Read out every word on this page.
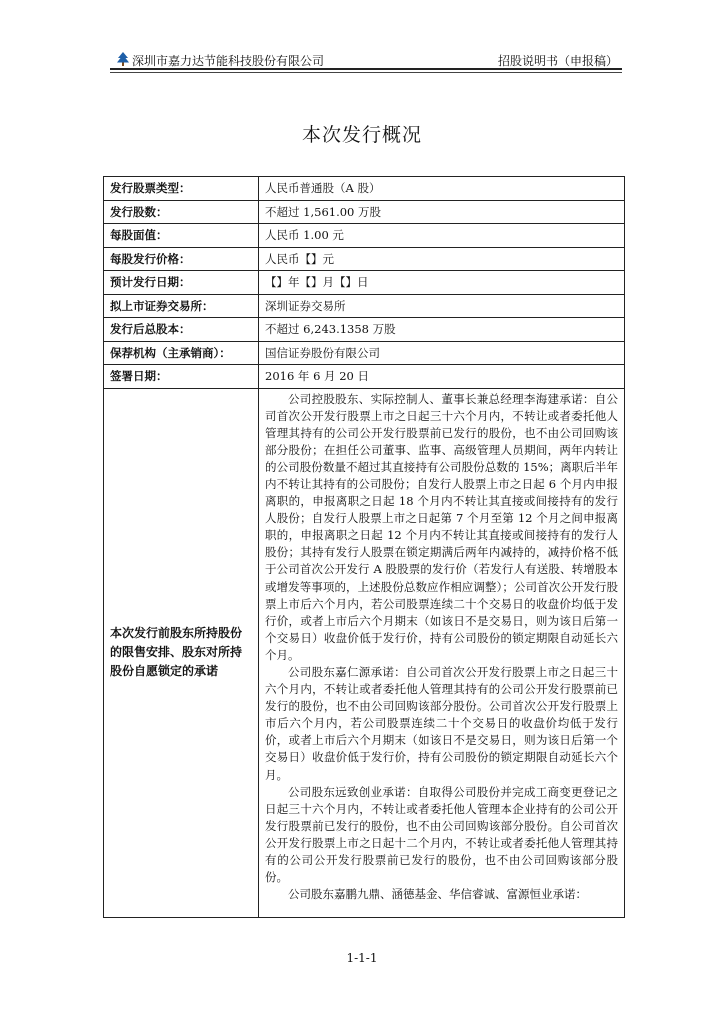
深圳市嘉力达节能科技股份有限公司	招股说明书（申报稿）
本次发行概况
发行股票类型：	人民币普通股（A 股）
发行股数：	不超过 1,561.00 万股
每股面值：	人民币 1.00 元
每股发行价格：	人民币【】元
预计发行日期：	【】年【】月【】日
拟上市证券交易所：	深圳证券交易所
发行后总股本：	不超过 6,243.1358 万股
保荐机构（主承销商）：	国信证券股份有限公司
签署日期：	2016 年 6 月 20 日
本次发行前股东所持股份的限售安排、股东对所持股份自愿锁定的承诺	公司控股股东、实际控制人、董事长兼总经理李海建承诺：自公司首次公开发行股票上市之日起三十六个月内，不转让或者委托他人管理其持有的公司公开发行股票前已发行的股份，也不由公司回购该部分股份；在担任公司董事、监事、高级管理人员期间，两年内转让的公司股份数量不超过其直接持有公司股份总数的 15%；离职后半年内不转让其持有的公司股份；自发行人股票上市之日起 6 个月内申报离职的，申报离职之日起 18 个月内不转让其直接或间接持有的发行人股份；自发行人股票上市之日起第 7 个月至第 12 个月之间申报离职的，申报离职之日起 12 个月内不转让其直接或间接持有的发行人股份；其持有发行人股票在锁定期满后两年内减持的，减持价格不低于公司首次公开发行 A 股股票的发行价（若发行人有送股、转增股本或增发等事项的，上述股份总数应作相应调整）；公司首次公开发行股票上市后六个月内，若公司股票连续二十个交易日的收盘价均低于发行价，或者上市后六个月期末（如该日不是交易日，则为该日后第一个交易日）收盘价低于发行价，持有公司股份的锁定期限自动延长六个月。

公司股东嘉仁源承诺：自公司首次公开发行股票上市之日起三十六个月内，不转让或者委托他人管理其持有的公司公开发行股票前已发行的股份，也不由公司回购该部分股份。公司首次公开发行股票上市后六个月内，若公司股票连续二十个交易日的收盘价均低于发行价，或者上市后六个月期末（如该日不是交易日，则为该日后第一个交易日）收盘价低于发行价，持有公司股份的锁定期限自动延长六个月。

公司股东远致创业承诺：自取得公司股份并完成工商变更登记之日起三十六个月内，不转让或者委托他人管理本企业持有的公司公开发行股票前已发行的股份，也不由公司回购该部分股份。自公司首次公开发行股票上市之日起十二个月内，不转让或者委托他人管理其持有的公司公开发行股票前已发行的股份，也不由公司回购该部分股份。

公司股东嘉鹏九鼎、涵德基金、华信睿诚、富源恒业承诺：

1-1-1
